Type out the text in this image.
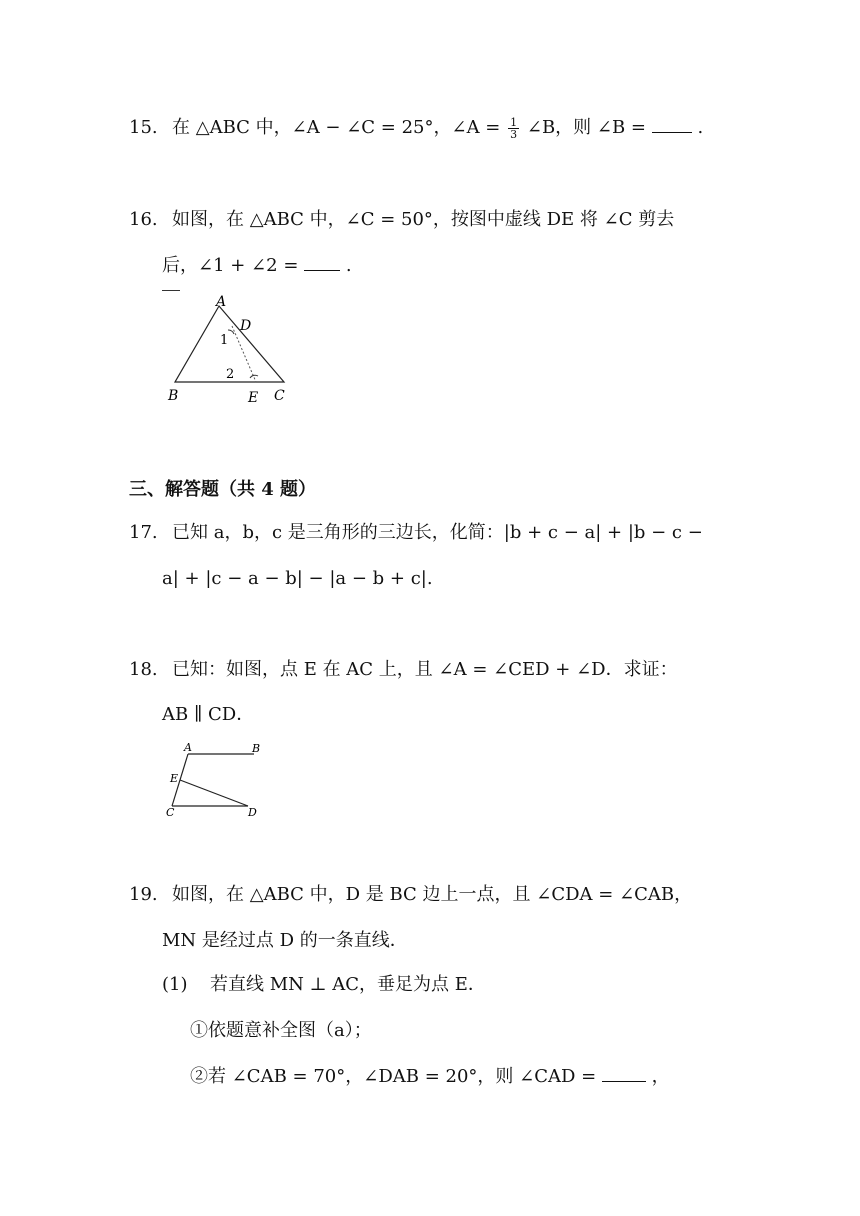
15. 在 △ABC 中，∠A − ∠C = 25°，∠A = $\frac{1}{3}$ ∠B，则 ∠B =	.
16. 如图，在 △ABC 中，∠C = 50°，按图中虚线 DE 将 ∠C 剪去
后，∠1 + ∠2 =  .
A
D
1
2
B	E C
三、解答题（共 4 题）
17. 已知 a，b，c 是三角形的三边长，化简：|b + c − a| + |b − c −
a| + |c − a − b| − |a − b + c|.
18. 已知：如图，点 E 在 AC 上，且 ∠A = ∠CED + ∠D．求证：
AB ∥ CD．
A	B
E
C	D
19. 如图，在 △ABC 中，D 是 BC 边上一点，且 ∠CDA = ∠CAB，
MN 是经过点 D 的一条直线．
(1) 若直线 MN ⊥ AC，垂足为点 E．
①依题意补全图（a）；
②若 ∠CAB = 70°，∠DAB = 20°，则 ∠CAD =	，
